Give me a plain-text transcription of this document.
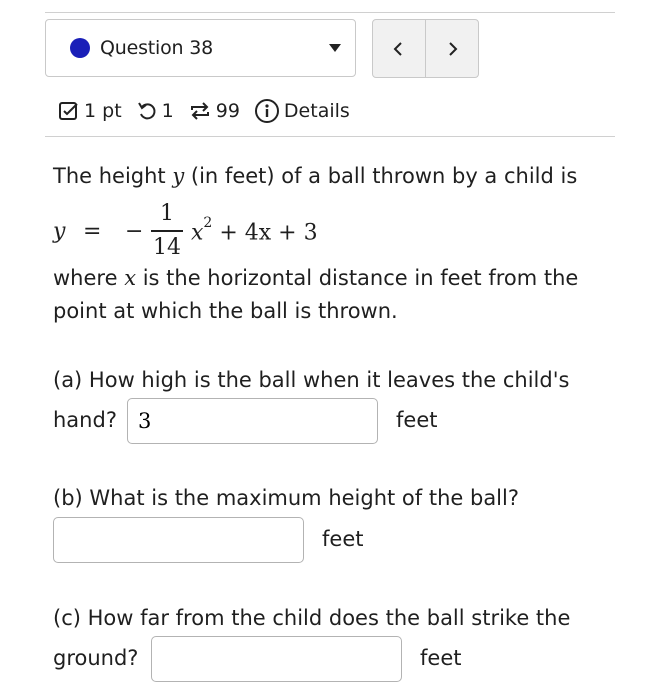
Question 38
1 pt 1 99 Details

The height y (in feet) of a ball thrown by a child is

y = −
1
14
$x^2 + 4x + 3$
where x is the horizontal distance in feet from the point at which the ball is thrown.
(a) How high is the ball when it leaves the child's
hand?
3	feet
(b) What is the maximum height of the ball?
feet
(c) How far from the child does the ball strike the
ground?	feet
